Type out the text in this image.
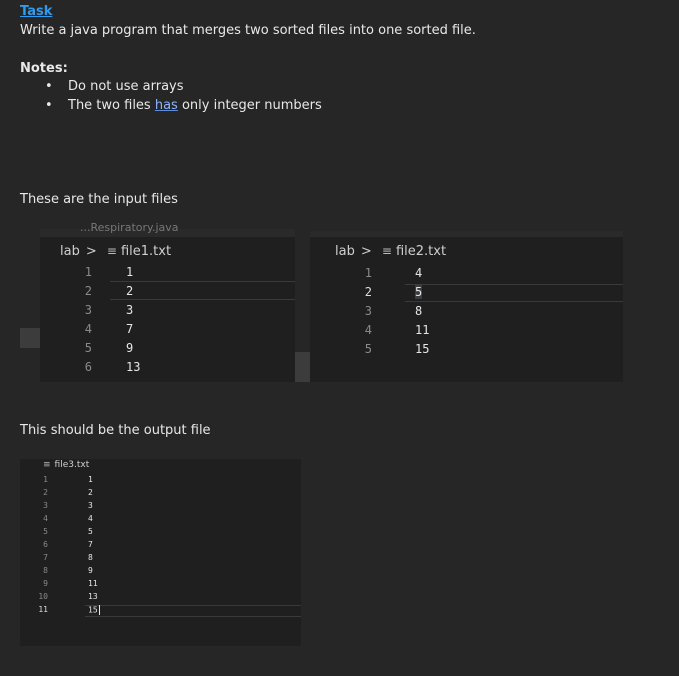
Task
Write a java program that merges two sorted files into one sorted file.
Notes:
• Do not use arrays
• The two files has only integer numbers
These are the input files
...Respiratory.java
lab > ≡ file1.txt
1	1
2	2
3	3
4	7
5	9
6	13
lab > ≡ file2.txt
1	4
2	5
3	8
4	11
5	15
This should be the output file
≡ file3.txt
1	1
2	2
3	3
4	4
5	5
6	7
7	8
8	9
9	11
10	13
11	15
